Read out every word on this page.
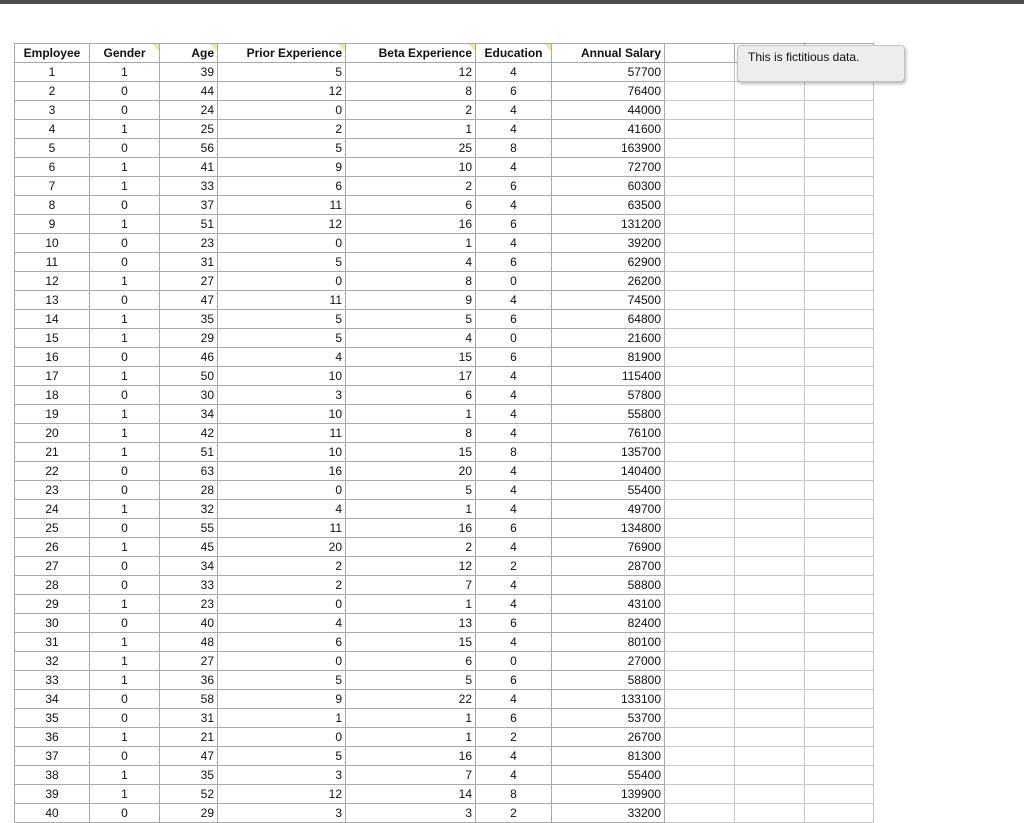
Employee	Gender	Age	Prior Experience	Beta Experience	Education	Annual Salary			
1	1	39	5	12	4	57700			
2	0	44	12	8	6	76400			
3	0	24	0	2	4	44000			
4	1	25	2	1	4	41600			
5	0	56	5	25	8	163900			
6	1	41	9	10	4	72700			
7	1	33	6	2	6	60300			
8	0	37	11	6	4	63500			
9	1	51	12	16	6	131200			
10	0	23	0	1	4	39200			
11	0	31	5	4	6	62900			
12	1	27	0	8	0	26200			
13	0	47	11	9	4	74500			
14	1	35	5	5	6	64800			
15	1	29	5	4	0	21600			
16	0	46	4	15	6	81900			
17	1	50	10	17	4	115400			
18	0	30	3	6	4	57800			
19	1	34	10	1	4	55800			
20	1	42	11	8	4	76100			
21	1	51	10	15	8	135700			
22	0	63	16	20	4	140400			
23	0	28	0	5	4	55400			
24	1	32	4	1	4	49700			
25	0	55	11	16	6	134800			
26	1	45	20	2	4	76900			
27	0	34	2	12	2	28700			
28	0	33	2	7	4	58800			
29	1	23	0	1	4	43100			
30	0	40	4	13	6	82400			
31	1	48	6	15	4	80100			
32	1	27	0	6	0	27000			
33	1	36	5	5	6	58800			
34	0	58	9	22	4	133100			
35	0	31	1	1	6	53700			
36	1	21	0	1	2	26700			
37	0	47	5	16	4	81300			
38	1	35	3	7	4	55400			
39	1	52	12	14	8	139900			
40	0	29	3	3	2	33200			
This is fictitious data.
